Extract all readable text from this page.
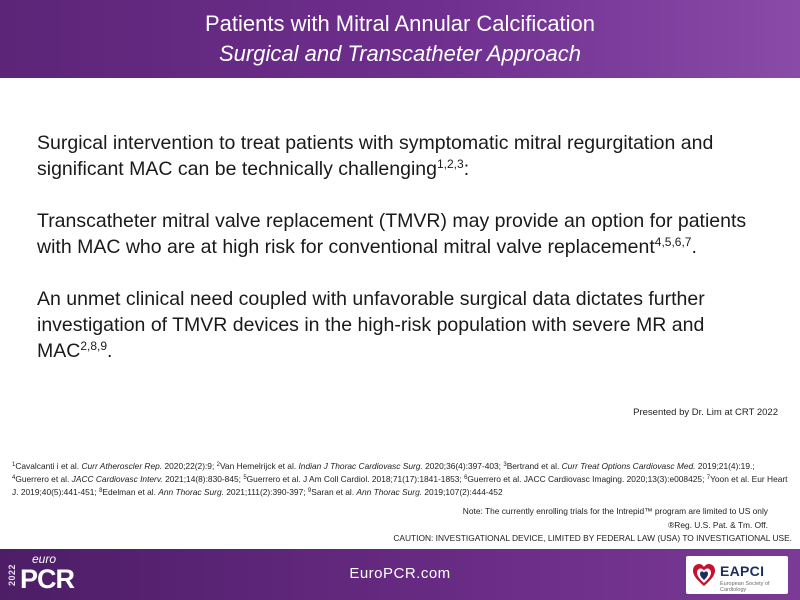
Patients with Mitral Annular Calcification
Surgical and Transcatheter Approach

Surgical intervention to treat patients with symptomatic mitral regurgitation and significant MAC can be technically challenging$^{1,2,3}$:

Transcatheter mitral valve replacement (TMVR) may provide an option for patients with MAC who are at high risk for conventional mitral valve replacement$^{4,5,6,7}$.

An unmet clinical need coupled with unfavorable surgical data dictates further investigation of TMVR devices in the high-risk population with severe MR and MAC$^{2,8,9}$.

Presented by Dr. Lim at CRT 2022
$^1$Cavalcanti i et al. Curr Atheroscler Rep. 2020;22(2):9; $^2$Van Hemelrijck et al. Indian J Thorac Cardiovasc Surg. 2020;36(4):397-403; $^3$Bertrand et al. Curr Treat Options Cardiovasc Med. 2019;21(4):19.; $^4$Guerrero et al. JACC Cardiovasc Interv. 2021;14(8):830-845; $^5$Guerrero et al. J Am Coll Cardiol. 2018;71(17):1841-1853; $^6$Guerrero et al. JACC Cardiovasc Imaging. 2020;13(3):e008425; $^7$Yoon et al. Eur Heart J. 2019;40(5):441-451; $^8$Edelman et al. Ann Thorac Surg. 2021;111(2):390-397; $^9$Saran et al. Ann Thorac Surg. 2019;107(2):444-452
Note: The currently enrolling trials for the Intrepid™ program are limited to US only
®Reg. U.S. Pat. & Tm. Off.
CAUTION: INVESTIGATIONAL DEVICE, LIMITED BY FEDERAL LAW (USA) TO INVESTIGATIONAL USE.
EuroPCR.com
2022
euro
PCR	EAPCI
European Society of Cardiology
